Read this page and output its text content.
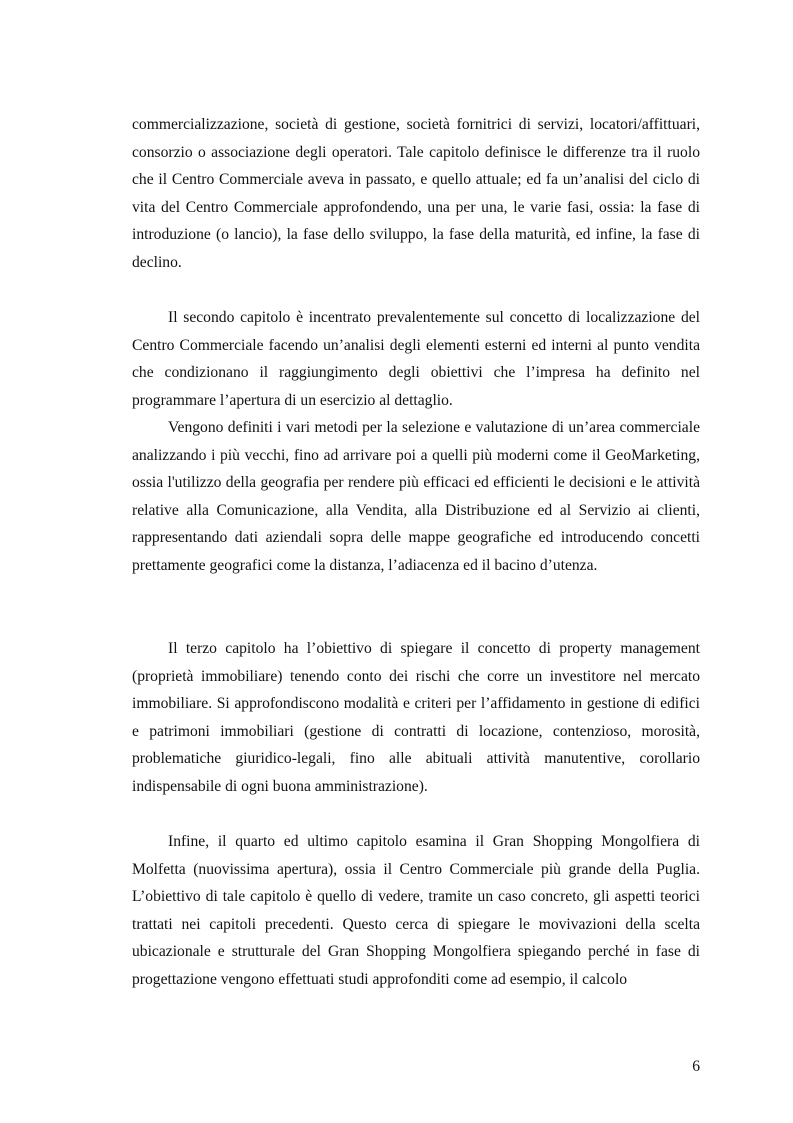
commercializzazione, società di gestione, società fornitrici di servizi, locatori/affittuari, consorzio o associazione degli operatori. Tale capitolo definisce le differenze tra il ruolo che il Centro Commerciale aveva in passato, e quello attuale; ed fa un’analisi del ciclo di vita del Centro Commerciale approfondendo, una per una, le varie fasi, ossia: la fase di introduzione (o lancio), la fase dello sviluppo, la fase della maturità, ed infine, la fase di declino.

Il secondo capitolo è incentrato prevalentemente sul concetto di localizzazione del Centro Commerciale facendo un’analisi degli elementi esterni ed interni al punto vendita che condizionano il raggiungimento degli obiettivi che l’impresa ha definito nel programmare l’apertura di un esercizio al dettaglio.

Vengono definiti i vari metodi per la selezione e valutazione di un’area commerciale analizzando i più vecchi, fino ad arrivare poi a quelli più moderni come il GeoMarketing, ossia l'utilizzo della geografia per rendere più efficaci ed efficienti le decisioni e le attività relative alla Comunicazione, alla Vendita, alla Distribuzione ed al Servizio ai clienti, rappresentando dati aziendali sopra delle mappe geografiche ed introducendo concetti prettamente geografici come la distanza, l’adiacenza ed il bacino d’utenza.

Il terzo capitolo ha l’obiettivo di spiegare il concetto di property management (proprietà immobiliare) tenendo conto dei rischi che corre un investitore nel mercato immobiliare. Si approfondiscono modalità e criteri per l’affidamento in gestione di edifici e patrimoni immobiliari (gestione di contratti di locazione, contenzioso, morosità, problematiche giuridico-legali, fino alle abituali attività manutentive, corollario indispensabile di ogni buona amministrazione).

Infine, il quarto ed ultimo capitolo esamina il Gran Shopping Mongolfiera di Molfetta (nuovissima apertura), ossia il Centro Commerciale più grande della Puglia. L’obiettivo di tale capitolo è quello di vedere, tramite un caso concreto, gli aspetti teorici trattati nei capitoli precedenti. Questo cerca di spiegare le movivazioni della scelta ubicazionale e strutturale del Gran Shopping Mongolfiera spiegando perché in fase di progettazione vengono effettuati studi approfonditi come ad esempio, il calcolo

6
